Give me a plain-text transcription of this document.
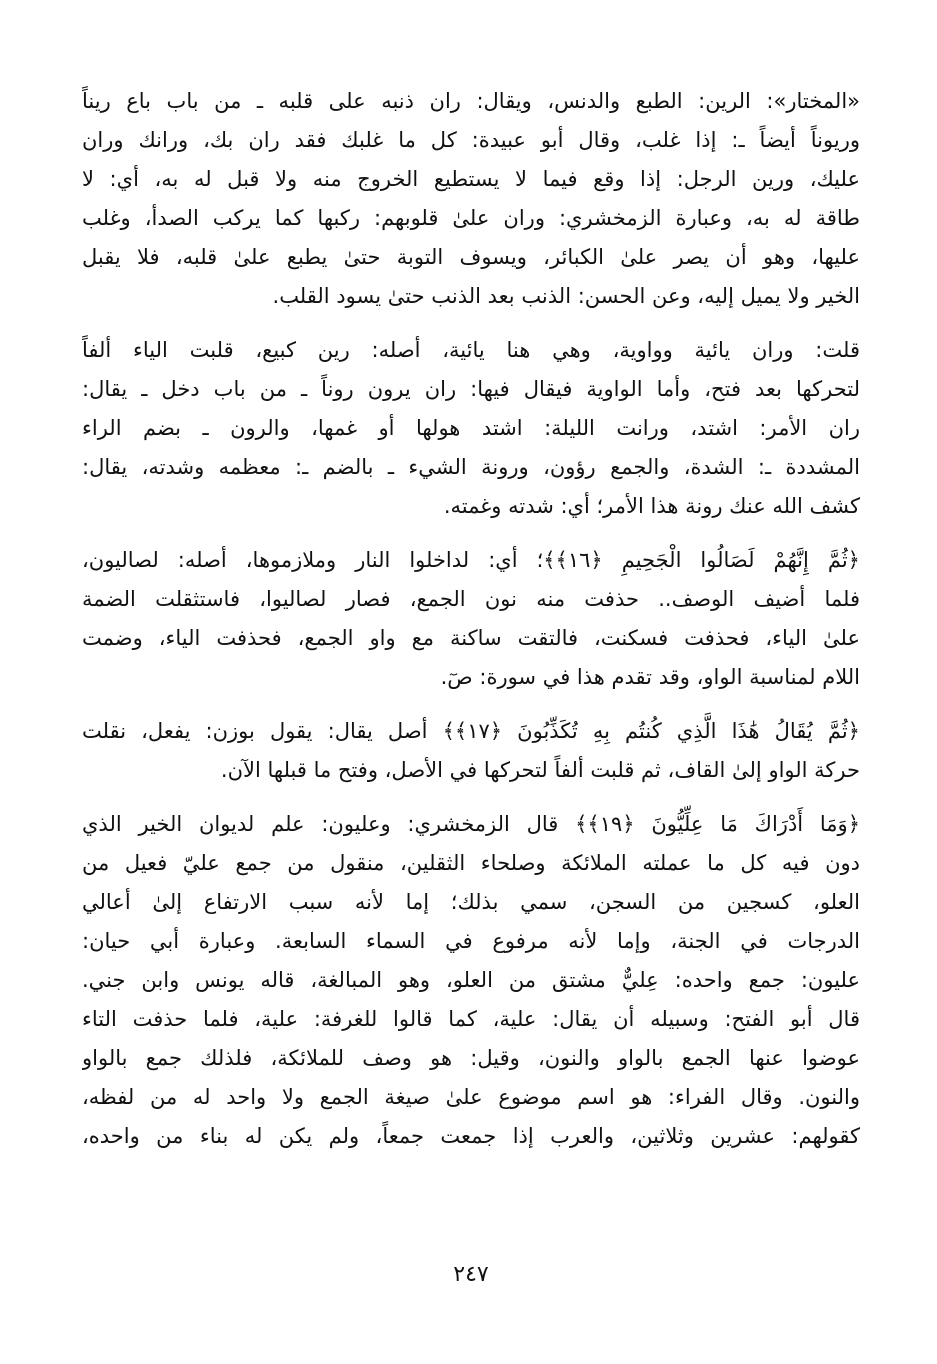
«المختار»: الرين: الطبع والدنس، ويقال: ران ذنبه على قلبه ـ من باب باع ريناً
وريوناً أيضاً ـ: إذا غلب، وقال أبو عبيدة: كل ما غلبك فقد ران بك، ورانك وران
عليك، ورين الرجل: إذا وقع فيما لا يستطيع الخروج منه ولا قبل له به، أي: لا
طاقة له به، وعبارة الزمخشري: وران علىٰ قلوبهم: ركبها كما يركب الصدأ، وغلب
عليها، وهو أن يصر علىٰ الكبائر، ويسوف التوبة حتىٰ يطبع علىٰ قلبه، فلا يقبل
الخير ولا يميل إليه، وعن الحسن: الذنب بعد الذنب حتىٰ يسود القلب.
قلت: وران يائية وواوية، وهي هنا يائية، أصله: رين كبيع، قلبت الياء ألفاً
لتحركها بعد فتح، وأما الواوية فيقال فيها: ران يرون روناً ـ من باب دخل ـ يقال:
ران الأمر: اشتد، ورانت الليلة: اشتد هولها أو غمها، والرون ـ بضم الراء
المشددة ـ: الشدة، والجمع رؤون، ورونة الشيء ـ بالضم ـ: معظمه وشدته، يقال:
كشف الله عنك رونة هذا الأمر؛ أي: شدته وغمته.
﴿ثُمَّ إِنَّهُمْ لَصَالُوا الْجَحِيمِ ﴿١٦﴾﴾؛ أي: لداخلوا النار وملازموها، أصله: لصاليون،
فلما أضيف الوصف.. حذفت منه نون الجمع، فصار لصاليوا، فاستثقلت الضمة
علىٰ الياء، فحذفت فسكنت، فالتقت ساكنة مع واو الجمع، فحذفت الياء، وضمت
اللام لمناسبة الواو، وقد تقدم هذا في سورة: صٓ.
﴿ثُمَّ يُقَالُ هَٰذَا الَّذِي كُنتُم بِهِ تُكَذِّبُونَ ﴿١٧﴾﴾ أصل يقال: يقول بوزن: يفعل، نقلت
حركة الواو إلىٰ القاف، ثم قلبت ألفاً لتحركها في الأصل، وفتح ما قبلها الآن.
﴿وَمَا أَدْرَاكَ مَا عِلِّيُّونَ ﴿١٩﴾﴾ قال الزمخشري: وعليون: علم لديوان الخير الذي
دون فيه كل ما عملته الملائكة وصلحاء الثقلين، منقول من جمع عليّ فعيل من
العلو، كسجين من السجن، سمي بذلك؛ إما لأنه سبب الارتفاع إلىٰ أعالي
الدرجات في الجنة، وإما لأنه مرفوع في السماء السابعة. وعبارة أبي حيان:
عليون: جمع واحده: عِليٌّ مشتق من العلو، وهو المبالغة، قاله يونس وابن جني.
قال أبو الفتح: وسبيله أن يقال: علية، كما قالوا للغرفة: علية، فلما حذفت التاء
عوضوا عنها الجمع بالواو والنون، وقيل: هو وصف للملائكة، فلذلك جمع بالواو
والنون. وقال الفراء: هو اسم موضوع علىٰ صيغة الجمع ولا واحد له من لفظه،
كقولهم: عشرين وثلاثين، والعرب إذا جمعت جمعاً، ولم يكن له بناء من واحده،
٢٤٧
